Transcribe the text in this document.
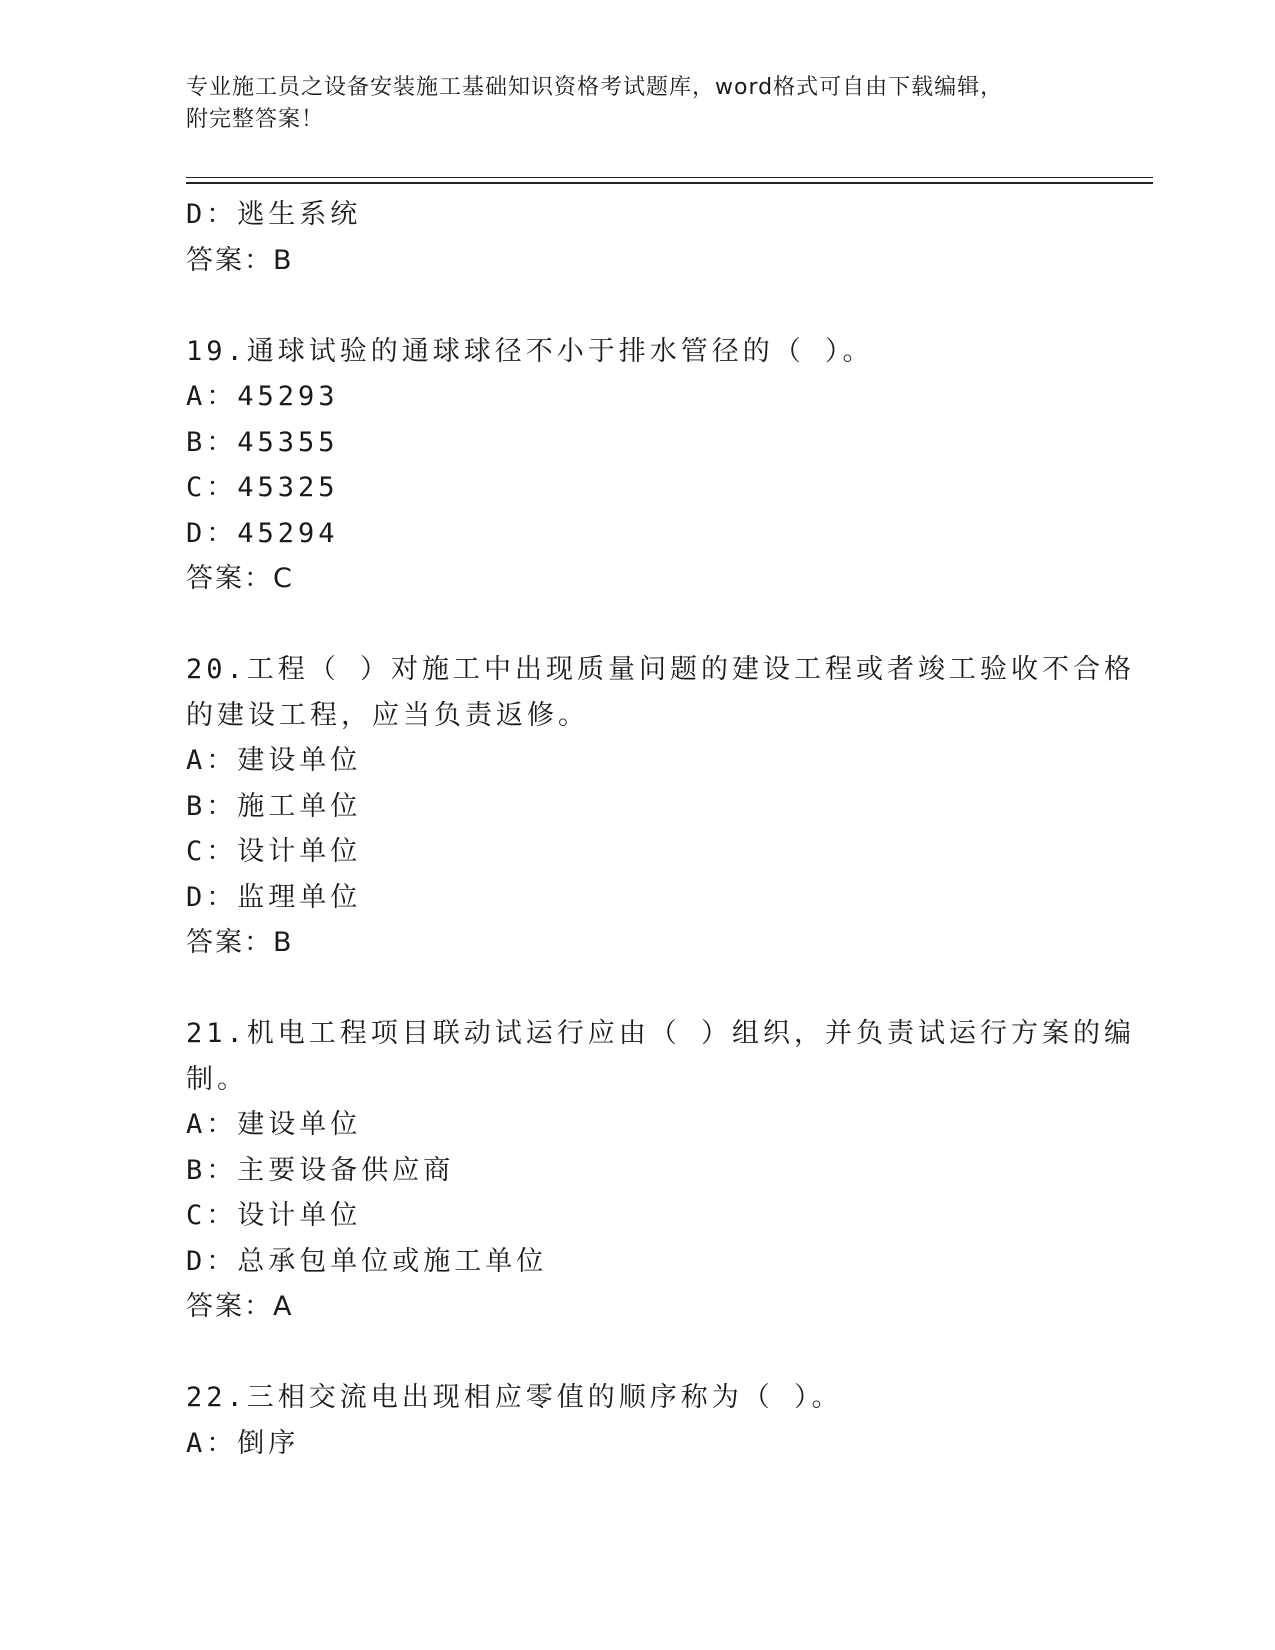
专业施工员之设备安装施工基础知识资格考试题库，word格式可自由下载编辑，
附完整答案！
D：逃生系统
答案：B
19.通球试验的通球球径不小于排水管径的（ ）。
A：45293
B：45355
C：45325
D：45294
答案：C
20.工程（ ）对施工中出现质量问题的建设工程或者竣工验收不合格
的建设工程，应当负责返修。
A：建设单位
B：施工单位
C：设计单位
D：监理单位
答案：B
21.机电工程项目联动试运行应由（ ）组织，并负责试运行方案的编
制。
A：建设单位
B：主要设备供应商
C：设计单位
D：总承包单位或施工单位
答案：A
22.三相交流电出现相应零值的顺序称为（ ）。
A：倒序
